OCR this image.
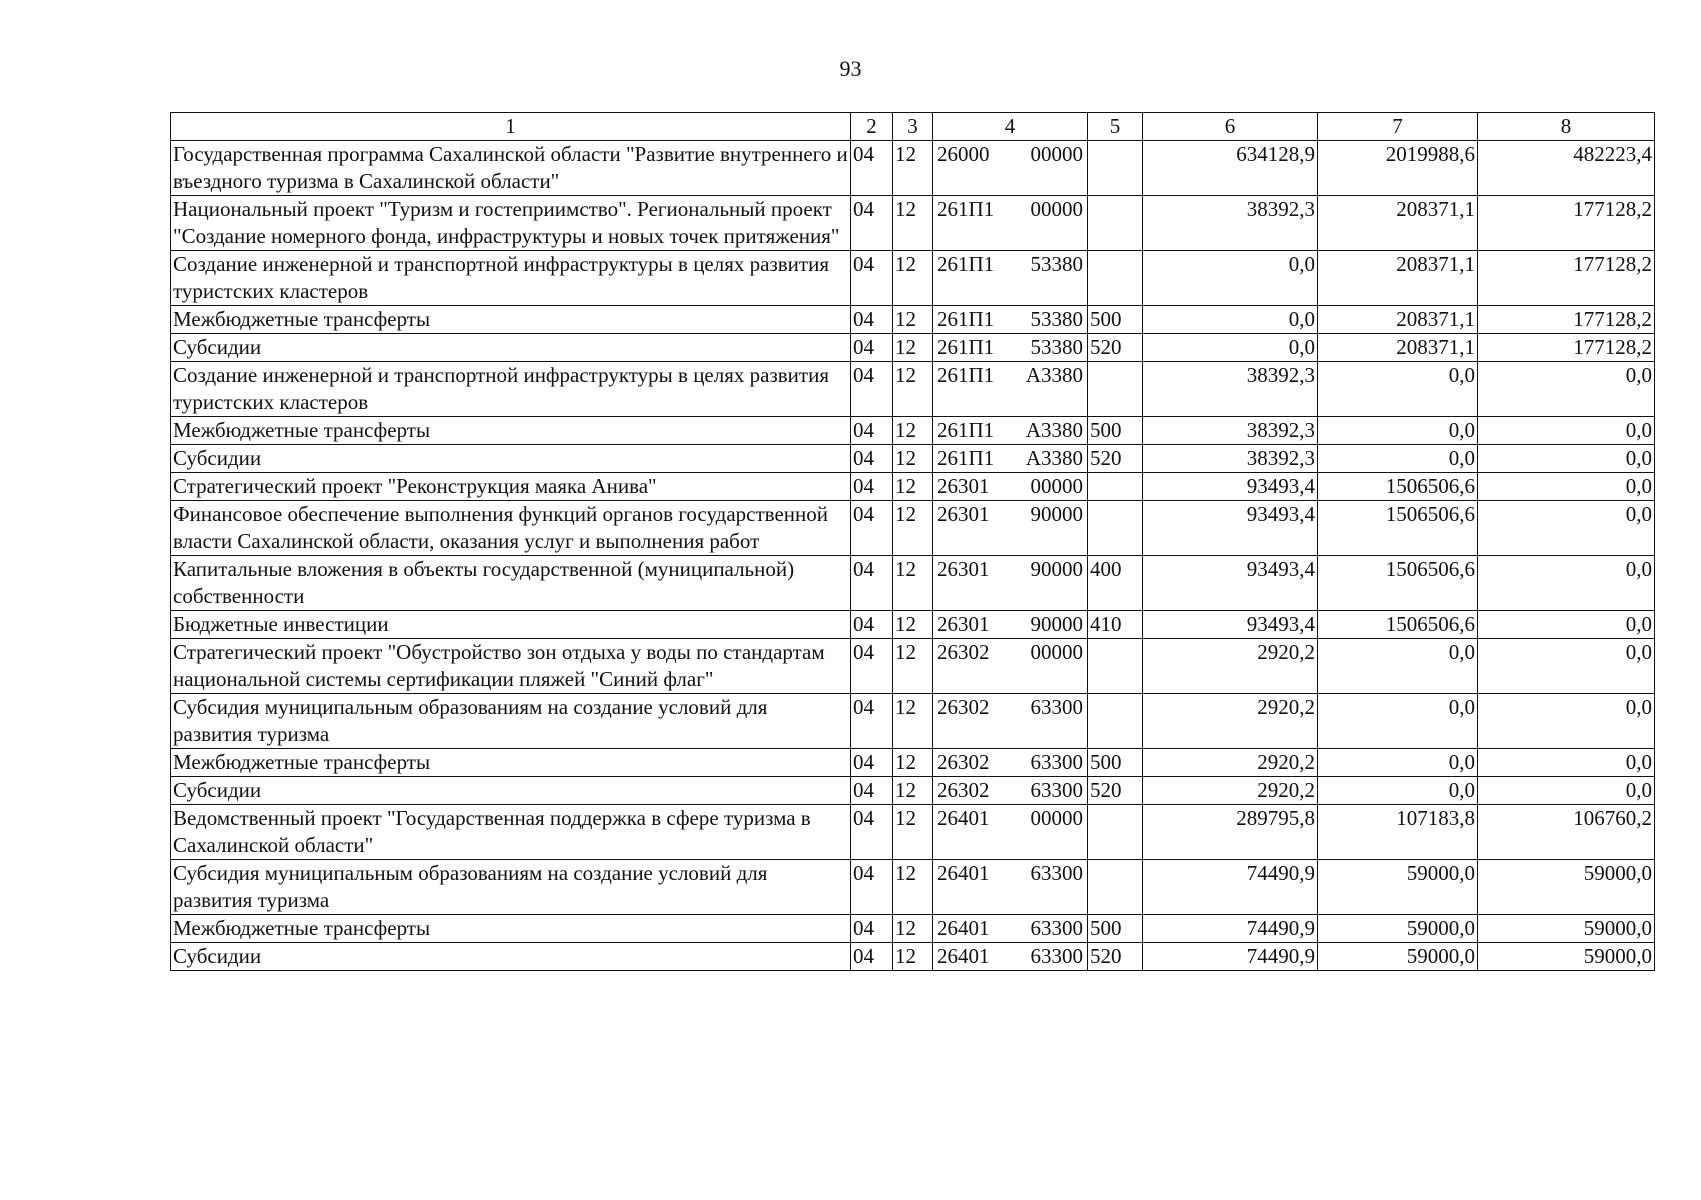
93
1	2	3	4	5	6	7	8
Государственная программа Сахалинской области "Развитие внутреннего и въездного туризма в Сахалинской области"	04	12	26000 00000		634128,9	2019988,6	482223,4
Национальный проект "Туризм и гостеприимство". Региональный проект "Создание номерного фонда, инфраструктуры и новых точек притяжения"	04	12	261П1 00000		38392,3	208371,1	177128,2
Создание инженерной и транспортной инфраструктуры в целях развития туристских кластеров	04	12	261П1 53380		0,0	208371,1	177128,2
Межбюджетные трансферты	04	12	261П1 53380	500	0,0	208371,1	177128,2
Субсидии	04	12	261П1 53380	520	0,0	208371,1	177128,2
Создание инженерной и транспортной инфраструктуры в целях развития туристских кластеров	04	12	261П1 А3380		38392,3	0,0	0,0
Межбюджетные трансферты	04	12	261П1 А3380	500	38392,3	0,0	0,0
Субсидии	04	12	261П1 А3380	520	38392,3	0,0	0,0
Стратегический проект "Реконструкция маяка Анива"	04	12	26301 00000		93493,4	1506506,6	0,0
Финансовое обеспечение выполнения функций органов государственной власти Сахалинской области, оказания услуг и выполнения работ	04	12	26301 90000		93493,4	1506506,6	0,0
Капитальные вложения в объекты государственной (муниципальной) собственности	04	12	26301 90000	400	93493,4	1506506,6	0,0
Бюджетные инвестиции	04	12	26301 90000	410	93493,4	1506506,6	0,0
Стратегический проект "Обустройство зон отдыха у воды по стандартам национальной системы сертификации пляжей "Синий флаг"	04	12	26302 00000		2920,2	0,0	0,0
Субсидия муниципальным образованиям на создание условий для развития туризма	04	12	26302 63300		2920,2	0,0	0,0
Межбюджетные трансферты	04	12	26302 63300	500	2920,2	0,0	0,0
Субсидии	04	12	26302 63300	520	2920,2	0,0	0,0
Ведомственный проект "Государственная поддержка в сфере туризма в Сахалинской области"	04	12	26401 00000		289795,8	107183,8	106760,2
Субсидия муниципальным образованиям на создание условий для развития туризма	04	12	26401 63300		74490,9	59000,0	59000,0
Межбюджетные трансферты	04	12	26401 63300	500	74490,9	59000,0	59000,0
Субсидии	04	12	26401 63300	520	74490,9	59000,0	59000,0
